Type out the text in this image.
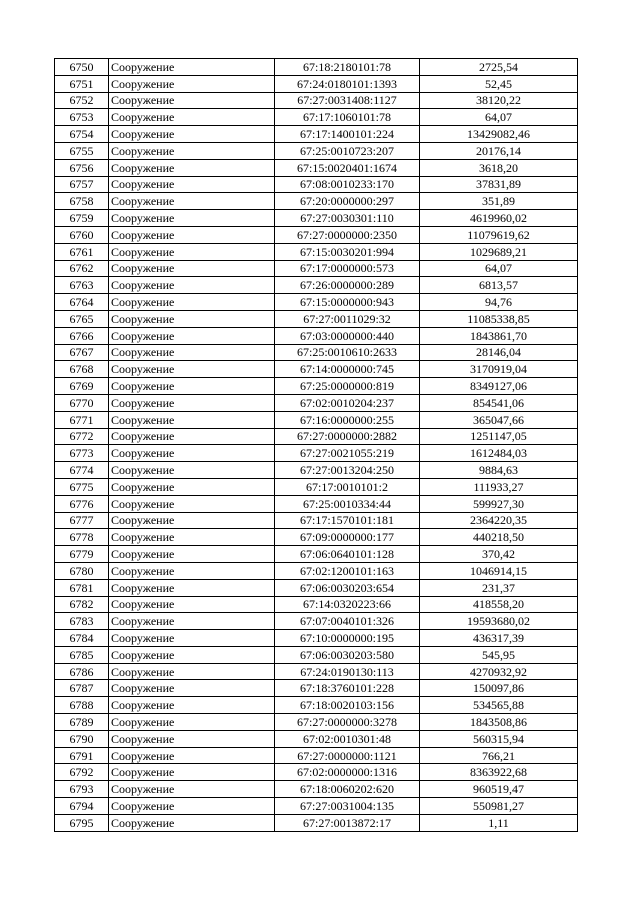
6750	Сооружение	67:18:2180101:78	2725,54
6751	Сооружение	67:24:0180101:1393	52,45
6752	Сооружение	67:27:0031408:1127	38120,22
6753	Сооружение	67:17:1060101:78	64,07
6754	Сооружение	67:17:1400101:224	13429082,46
6755	Сооружение	67:25:0010723:207	20176,14
6756	Сооружение	67:15:0020401:1674	3618,20
6757	Сооружение	67:08:0010233:170	37831,89
6758	Сооружение	67:20:0000000:297	351,89
6759	Сооружение	67:27:0030301:110	4619960,02
6760	Сооружение	67:27:0000000:2350	11079619,62
6761	Сооружение	67:15:0030201:994	1029689,21
6762	Сооружение	67:17:0000000:573	64,07
6763	Сооружение	67:26:0000000:289	6813,57
6764	Сооружение	67:15:0000000:943	94,76
6765	Сооружение	67:27:0011029:32	11085338,85
6766	Сооружение	67:03:0000000:440	1843861,70
6767	Сооружение	67:25:0010610:2633	28146,04
6768	Сооружение	67:14:0000000:745	3170919,04
6769	Сооружение	67:25:0000000:819	8349127,06
6770	Сооружение	67:02:0010204:237	854541,06
6771	Сооружение	67:16:0000000:255	365047,66
6772	Сооружение	67:27:0000000:2882	1251147,05
6773	Сооружение	67:27:0021055:219	1612484,03
6774	Сооружение	67:27:0013204:250	9884,63
6775	Сооружение	67:17:0010101:2	111933,27
6776	Сооружение	67:25:0010334:44	599927,30
6777	Сооружение	67:17:1570101:181	2364220,35
6778	Сооружение	67:09:0000000:177	440218,50
6779	Сооружение	67:06:0640101:128	370,42
6780	Сооружение	67:02:1200101:163	1046914,15
6781	Сооружение	67:06:0030203:654	231,37
6782	Сооружение	67:14:0320223:66	418558,20
6783	Сооружение	67:07:0040101:326	19593680,02
6784	Сооружение	67:10:0000000:195	436317,39
6785	Сооружение	67:06:0030203:580	545,95
6786	Сооружение	67:24:0190130:113	4270932,92
6787	Сооружение	67:18:3760101:228	150097,86
6788	Сооружение	67:18:0020103:156	534565,88
6789	Сооружение	67:27:0000000:3278	1843508,86
6790	Сооружение	67:02:0010301:48	560315,94
6791	Сооружение	67:27:0000000:1121	766,21
6792	Сооружение	67:02:0000000:1316	8363922,68
6793	Сооружение	67:18:0060202:620	960519,47
6794	Сооружение	67:27:0031004:135	550981,27
6795	Сооружение	67:27:0013872:17	1,11
